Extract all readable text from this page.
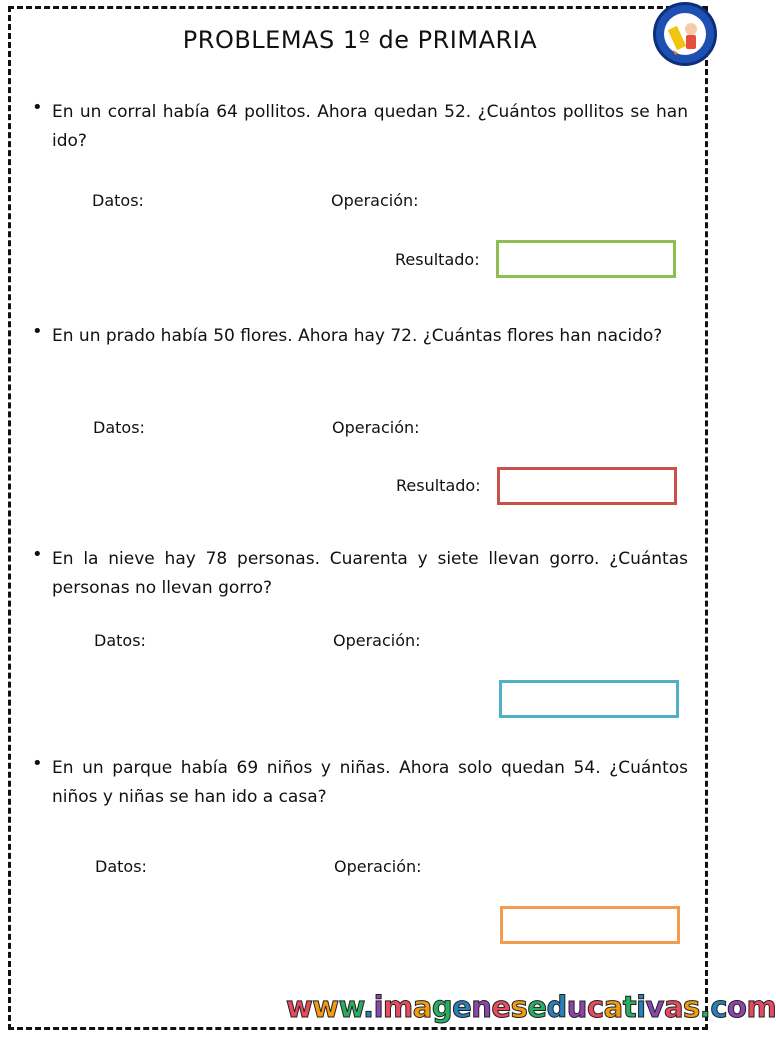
PROBLEMAS 1º de PRIMARIA
• En un corral había 64 pollitos. Ahora quedan 52. ¿Cuántos pollitos se han ido?
Datos:	Operación:
Resultado:
• En un prado había 50 flores. Ahora hay 72. ¿Cuántas flores han nacido?
Datos:	Operación:
Resultado:
• En la nieve hay 78 personas. Cuarenta y siete llevan gorro. ¿Cuántas personas no llevan gorro?
Datos:	Operación:
• En un parque había 69 niños y niñas. Ahora solo quedan 54. ¿Cuántos niños y niñas se han ido a casa?
Datos:	Operación:
www.imageneseducativas.com
